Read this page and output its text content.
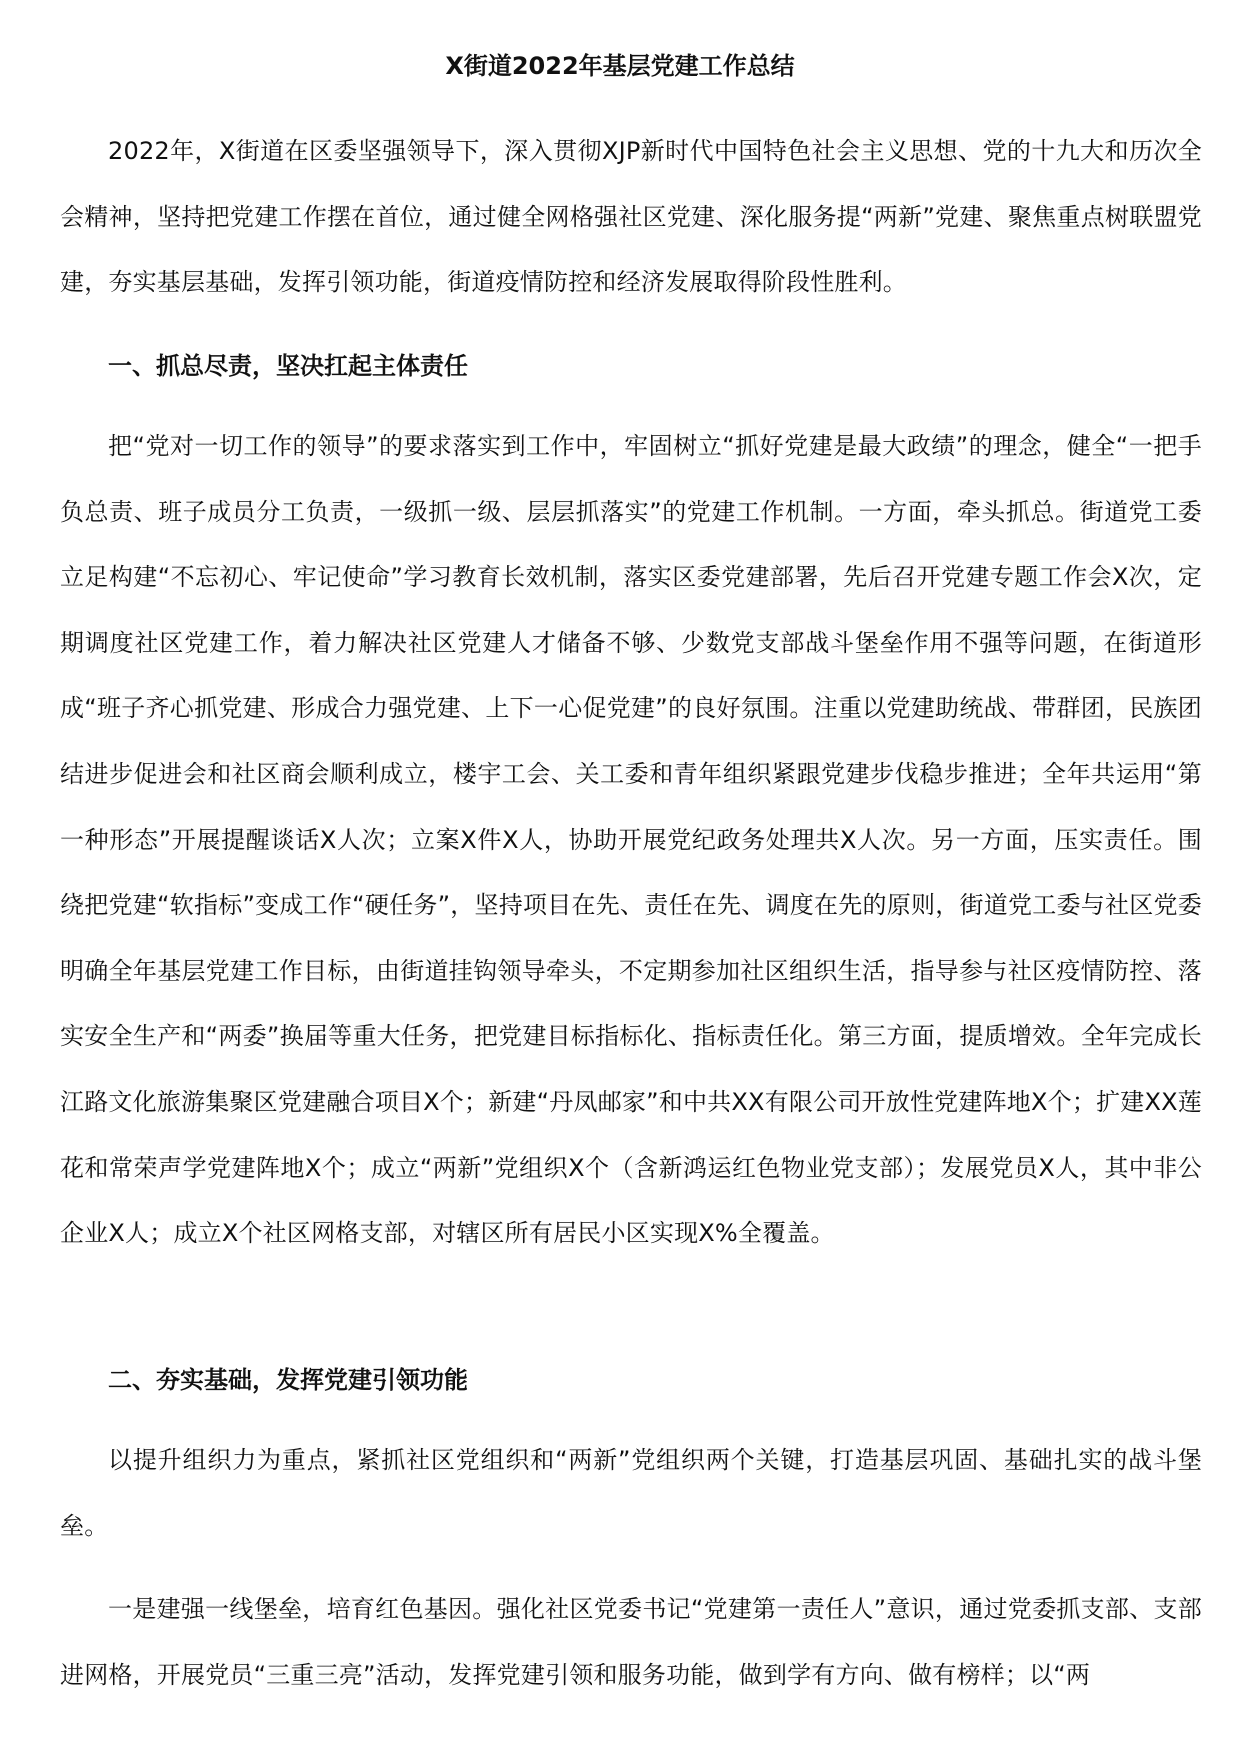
X街道2022年基层党建工作总结

2022年，X街道在区委坚强领导下，深入贯彻XJP新时代中国特色社会主义思想、党的十九大和历次全会精神，坚持把党建工作摆在首位，通过健全网格强社区党建、深化服务提“两新”党建、聚焦重点树联盟党建，夯实基层基础，发挥引领功能，街道疫情防控和经济发展取得阶段性胜利。

一、抓总尽责，坚决扛起主体责任

把“党对一切工作的领导”的要求落实到工作中，牢固树立“抓好党建是最大政绩”的理念，健全“一把手负总责、班子成员分工负责，一级抓一级、层层抓落实”的党建工作机制。一方面，牵头抓总。街道党工委立足构建“不忘初心、牢记使命”学习教育长效机制，落实区委党建部署，先后召开党建专题工作会X次，定期调度社区党建工作，着力解决社区党建人才储备不够、少数党支部战斗堡垒作用不强等问题，在街道形成“班子齐心抓党建、形成合力强党建、上下一心促党建”的良好氛围。注重以党建助统战、带群团，民族团结进步促进会和社区商会顺利成立，楼宇工会、关工委和青年组织紧跟党建步伐稳步推进；全年共运用“第一种形态”开展提醒谈话X人次；立案X件X人，协助开展党纪政务处理共X人次。另一方面，压实责任。围绕把党建“软指标”变成工作“硬任务”，坚持项目在先、责任在先、调度在先的原则，街道党工委与社区党委明确全年基层党建工作目标，由街道挂钩领导牵头，不定期参加社区组织生活，指导参与社区疫情防控、落实安全生产和“两委”换届等重大任务，把党建目标指标化、指标责任化。第三方面，提质增效。全年完成长江路文化旅游集聚区党建融合项目X个；新建“丹凤邮家”和中共XX有限公司开放性党建阵地X个；扩建XX莲花和常荣声学党建阵地X个；成立“两新”党组织X个（含新鸿运红色物业党支部）；发展党员X人，其中非公企业X人；成立X个社区网格支部，对辖区所有居民小区实现X%全覆盖。

二、夯实基础，发挥党建引领功能

以提升组织力为重点，紧抓社区党组织和“两新”党组织两个关键，打造基层巩固、基础扎实的战斗堡垒。

一是建强一线堡垒，培育红色基因。强化社区党委书记“党建第一责任人”意识，通过党委抓支部、支部进网格，开展党员“三重三亮”活动，发挥党建引领和服务功能，做到学有方向、做有榜样；以“两
